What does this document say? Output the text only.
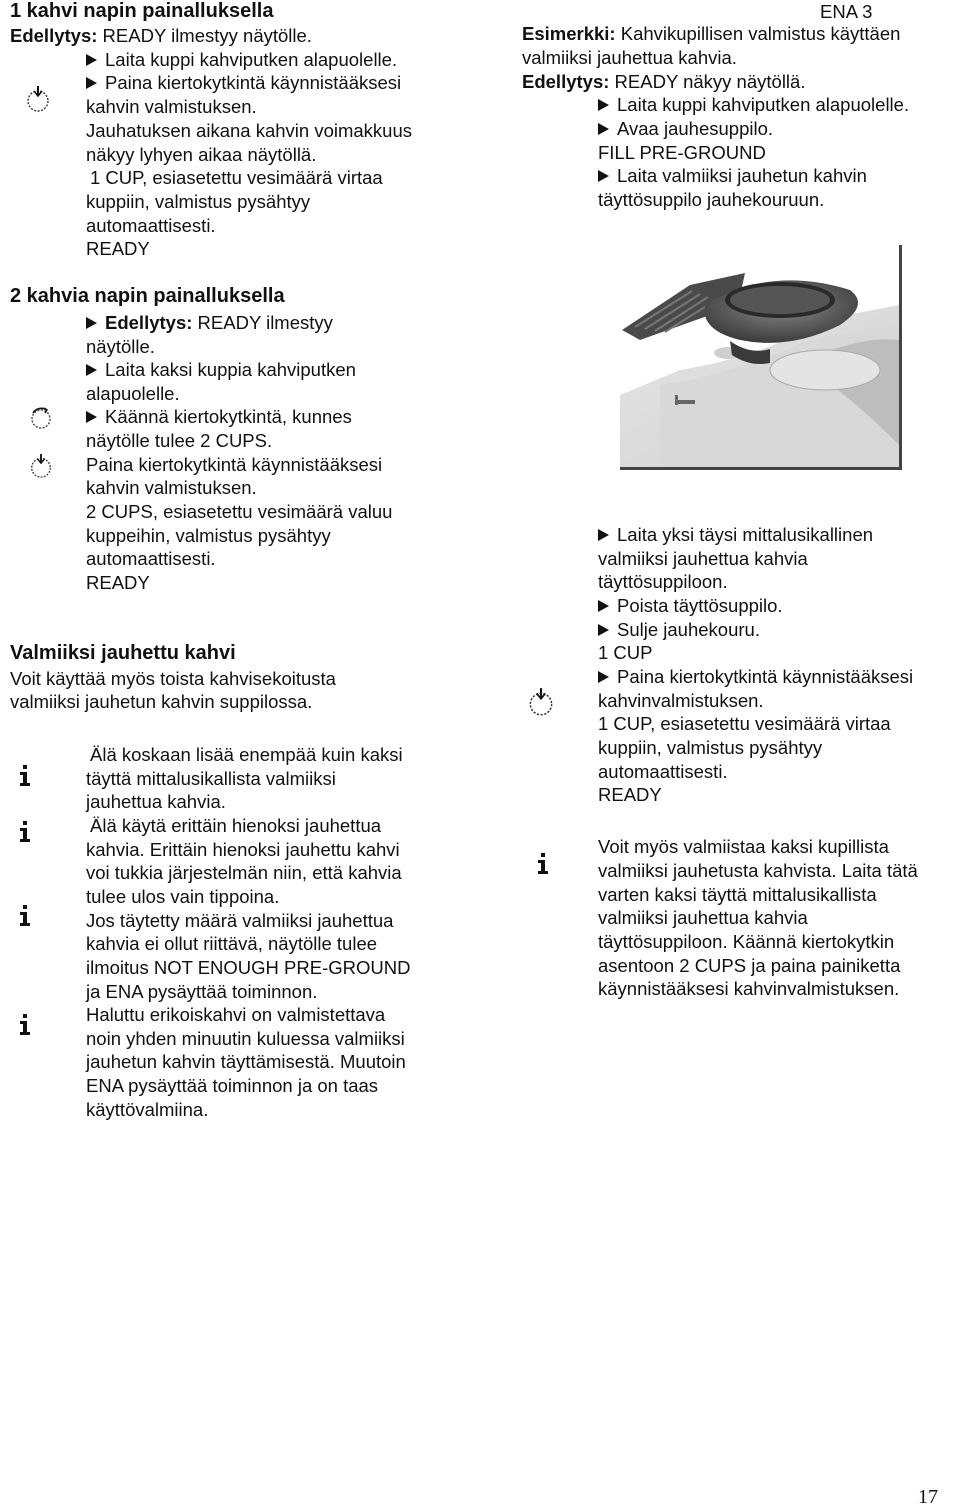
1 kahvi napin painalluksella
Edellytys: READY ilmestyy näytölle.
Laita kuppi kahviputken alapuolelle.
Paina kiertokytkintä käynnistääksesi
kahvin valmistuksen.
Jauhatuksen aikana kahvin voimakkuus
näkyy lyhyen aikaa näytöllä.
1 CUP, esiasetettu vesimäärä virtaa
kuppiin, valmistus pysähtyy
automaattisesti.
READY
2 kahvia napin painalluksella
Edellytys: READY ilmestyy
näytölle.
Laita kaksi kuppia kahviputken
alapuolelle.
Käännä kiertokytkintä, kunnes
näytölle tulee 2 CUPS.
Paina kiertokytkintä käynnistääksesi
kahvin valmistuksen.
2 CUPS, esiasetettu vesimäärä valuu
kuppeihin, valmistus pysähtyy
automaattisesti.
READY
Valmiiksi jauhettu kahvi
Voit käyttää myös toista kahvisekoitusta
valmiiksi jauhetun kahvin suppilossa.
Älä koskaan lisää enempää kuin kaksi
täyttä mittalusikallista valmiiksi
jauhettua kahvia.
Älä käytä erittäin hienoksi jauhettua
kahvia. Erittäin hienoksi jauhettu kahvi
voi tukkia järjestelmän niin, että kahvia
tulee ulos vain tippoina.
Jos täytetty määrä valmiiksi jauhettua
kahvia ei ollut riittävä, näytölle tulee
ilmoitus NOT ENOUGH PRE-GROUND
ja ENA pysäyttää toiminnon.
Haluttu erikoiskahvi on valmistettava
noin yhden minuutin kuluessa valmiiksi
jauhetun kahvin täyttämisestä. Muutoin
ENA pysäyttää toiminnon ja on taas
käyttövalmiina.
ENA 3
Esimerkki: Kahvikupillisen valmistus käyttäen
valmiiksi jauhettua kahvia.
Edellytys: READY näkyy näytöllä.
Laita kuppi kahviputken alapuolelle.
Avaa jauhesuppilo.
FILL PRE-GROUND
Laita valmiiksi jauhetun kahvin
täyttösuppilo jauhekouruun.
Laita yksi täysi mittalusikallinen
valmiiksi jauhettua kahvia
täyttösuppiloon.
Poista täyttösuppilo.
Sulje jauhekouru.
1 CUP
Paina kiertokytkintä käynnistääksesi
kahvinvalmistuksen.
1 CUP, esiasetettu vesimäärä virtaa
kuppiin, valmistus pysähtyy
automaattisesti.
READY
Voit myös valmiistaa kaksi kupillista
valmiiksi jauhetusta kahvista. Laita tätä
varten kaksi täyttä mittalusikallista
valmiiksi jauhettua kahvia
täyttösuppiloon. Käännä kiertokytkin
asentoon 2 CUPS ja paina painiketta
käynnistääksesi kahvinvalmistuksen.
17
